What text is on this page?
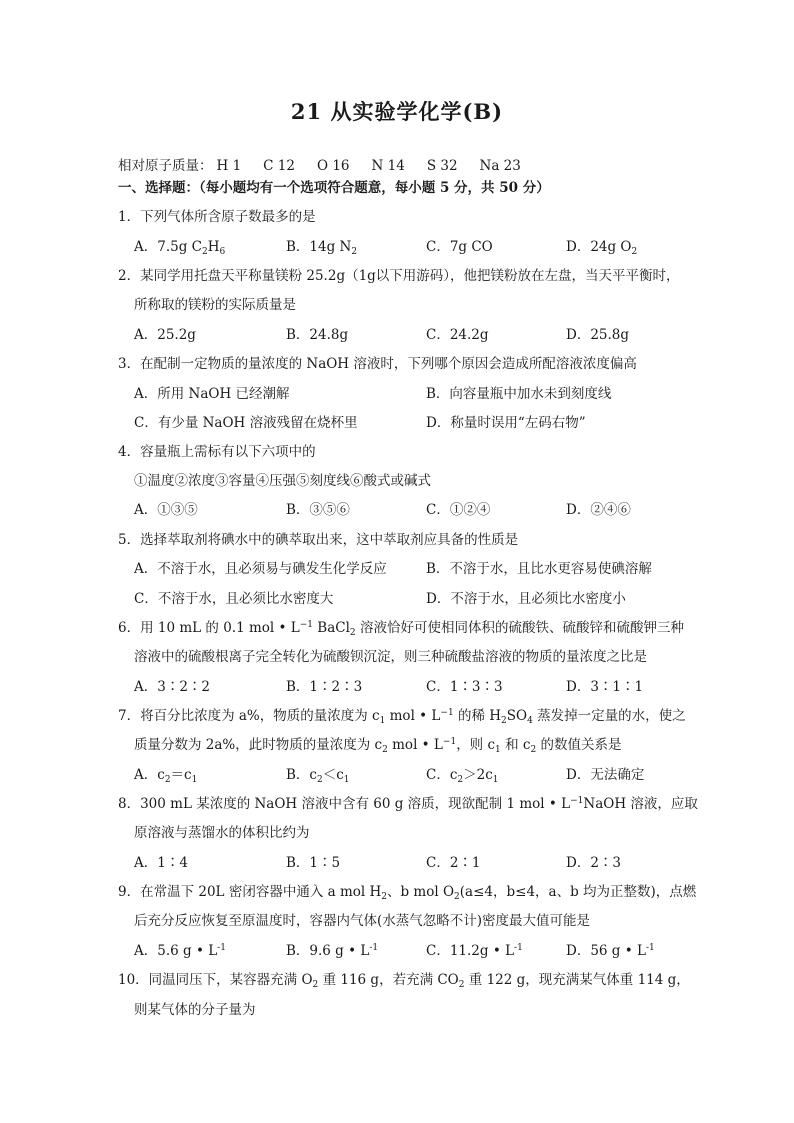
21 从实验学化学(B)
相对原子质量： H 1 C 12 O 16 N 14 S 32 Na 23
一、选择题：（每小题均有一个选项符合题意，每小题 5 分，共 50 分）
1．下列气体所含原子数最多的是
A．7.5g $C_2H_6$	B．14g $N_2$	C．7g CO	D．24g $O_2$
2．某同学用托盘天平称量镁粉 25.2g（1g以下用游码），他把镁粉放在左盘，当天平平衡时，
所称取的镁粉的实际质量是
A．25.2g	B．24.8g	C．24.2g	D．25.8g
3．在配制一定物质的量浓度的 NaOH 溶液时，下列哪个原因会造成所配溶液浓度偏高
A．所用 NaOH 已经潮解	B．向容量瓶中加水未到刻度线
C．有少量 NaOH 溶液残留在烧杯里	D．称量时误用“左码右物”
4．容量瓶上需标有以下六项中的
①温度②浓度③容量④压强⑤刻度线⑥酸式或碱式
A．①③⑤	B．③⑤⑥	C．①②④	D．②④⑥
5．选择萃取剂将碘水中的碘萃取出来，这中萃取剂应具备的性质是
A．不溶于水，且必须易与碘发生化学反应	B．不溶于水，且比水更容易使碘溶解
C．不溶于水，且必须比水密度大	D．不溶于水，且必须比水密度小
6．用 10 mL 的 0.1 mol • $L^{-1}$ BaCl$_2$ 溶液恰好可使相同体积的硫酸铁、硫酸锌和硫酸钾三种
溶液中的硫酸根离子完全转化为硫酸钡沉淀，则三种硫酸盐溶液的物质的量浓度之比是
A．3∶2∶2	B．1∶2∶3	C．1∶3∶3	D．3∶1∶1
7．将百分比浓度为 a%，物质的量浓度为 $c_1$ mol • $L^{-1}$ 的稀 $H_2SO_4$ 蒸发掉一定量的水，使之
质量分数为 2a%，此时物质的量浓度为 $c_2$ mol • $L^{-1}$，则 $c_1$ 和 $c_2$ 的数值关系是
A．$c_2=c_1$	B．$c_2<c_1$	C．$c_2>2c_1$	D．无法确定
8．300 mL 某浓度的 NaOH 溶液中含有 60 g 溶质，现欲配制 1 mol • $L^{-1}NaOH$ 溶液，应取
原溶液与蒸馏水的体积比约为
A．1∶4	B．1∶5	C．2∶1	D．2∶3
9．在常温下 20L 密闭容器中通入 a mol $H_2$、b mol $O_2(a\le 4$，b≤4，a、b 均为正整数)，点燃
后充分反应恢复至原温度时，容器内气体(水蒸气忽略不计)密度最大值可能是
A．5.6 g • $L^{-1}$	B．9.6 g • $L^{-1}$	C．11.2g • $L^{-1}$	D．56 g • $L^{-1}$
10．同温同压下，某容器充满 $O_2$ 重 116 g，若充满 $CO_2$ 重 122 g，现充满某气体重 114 g，
则某气体的分子量为
